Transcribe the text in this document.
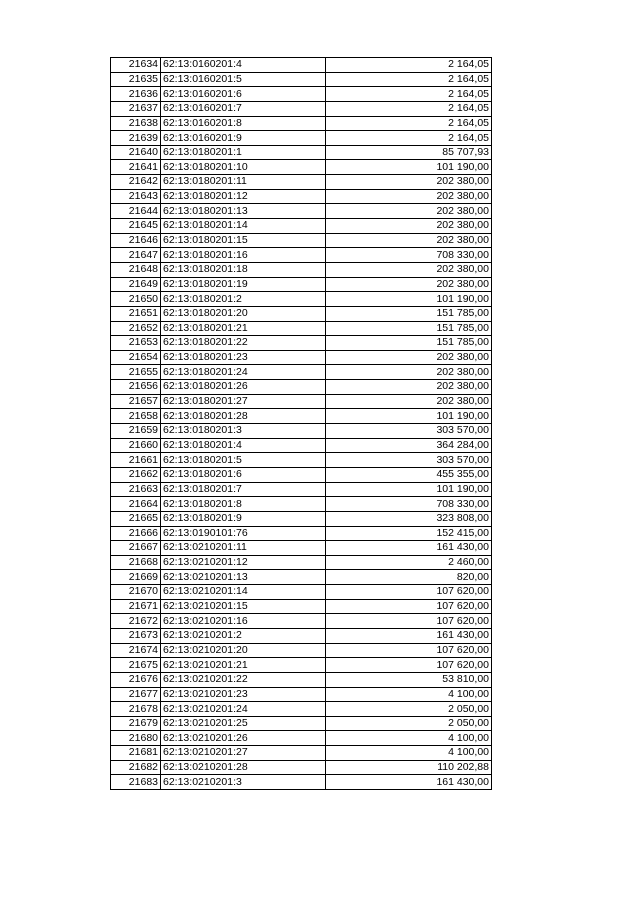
21634	62:13:0160201:4	2 164,05
21635	62:13:0160201:5	2 164,05
21636	62:13:0160201:6	2 164,05
21637	62:13:0160201:7	2 164,05
21638	62:13:0160201:8	2 164,05
21639	62:13:0160201:9	2 164,05
21640	62:13:0180201:1	85 707,93
21641	62:13:0180201:10	101 190,00
21642	62:13:0180201:11	202 380,00
21643	62:13:0180201:12	202 380,00
21644	62:13:0180201:13	202 380,00
21645	62:13:0180201:14	202 380,00
21646	62:13:0180201:15	202 380,00
21647	62:13:0180201:16	708 330,00
21648	62:13:0180201:18	202 380,00
21649	62:13:0180201:19	202 380,00
21650	62:13:0180201:2	101 190,00
21651	62:13:0180201:20	151 785,00
21652	62:13:0180201:21	151 785,00
21653	62:13:0180201:22	151 785,00
21654	62:13:0180201:23	202 380,00
21655	62:13:0180201:24	202 380,00
21656	62:13:0180201:26	202 380,00
21657	62:13:0180201:27	202 380,00
21658	62:13:0180201:28	101 190,00
21659	62:13:0180201:3	303 570,00
21660	62:13:0180201:4	364 284,00
21661	62:13:0180201:5	303 570,00
21662	62:13:0180201:6	455 355,00
21663	62:13:0180201:7	101 190,00
21664	62:13:0180201:8	708 330,00
21665	62:13:0180201:9	323 808,00
21666	62:13:0190101:76	152 415,00
21667	62:13:0210201:11	161 430,00
21668	62:13:0210201:12	2 460,00
21669	62:13:0210201:13	820,00
21670	62:13:0210201:14	107 620,00
21671	62:13:0210201:15	107 620,00
21672	62:13:0210201:16	107 620,00
21673	62:13:0210201:2	161 430,00
21674	62:13:0210201:20	107 620,00
21675	62:13:0210201:21	107 620,00
21676	62:13:0210201:22	53 810,00
21677	62:13:0210201:23	4 100,00
21678	62:13:0210201:24	2 050,00
21679	62:13:0210201:25	2 050,00
21680	62:13:0210201:26	4 100,00
21681	62:13:0210201:27	4 100,00
21682	62:13:0210201:28	110 202,88
21683	62:13:0210201:3	161 430,00
